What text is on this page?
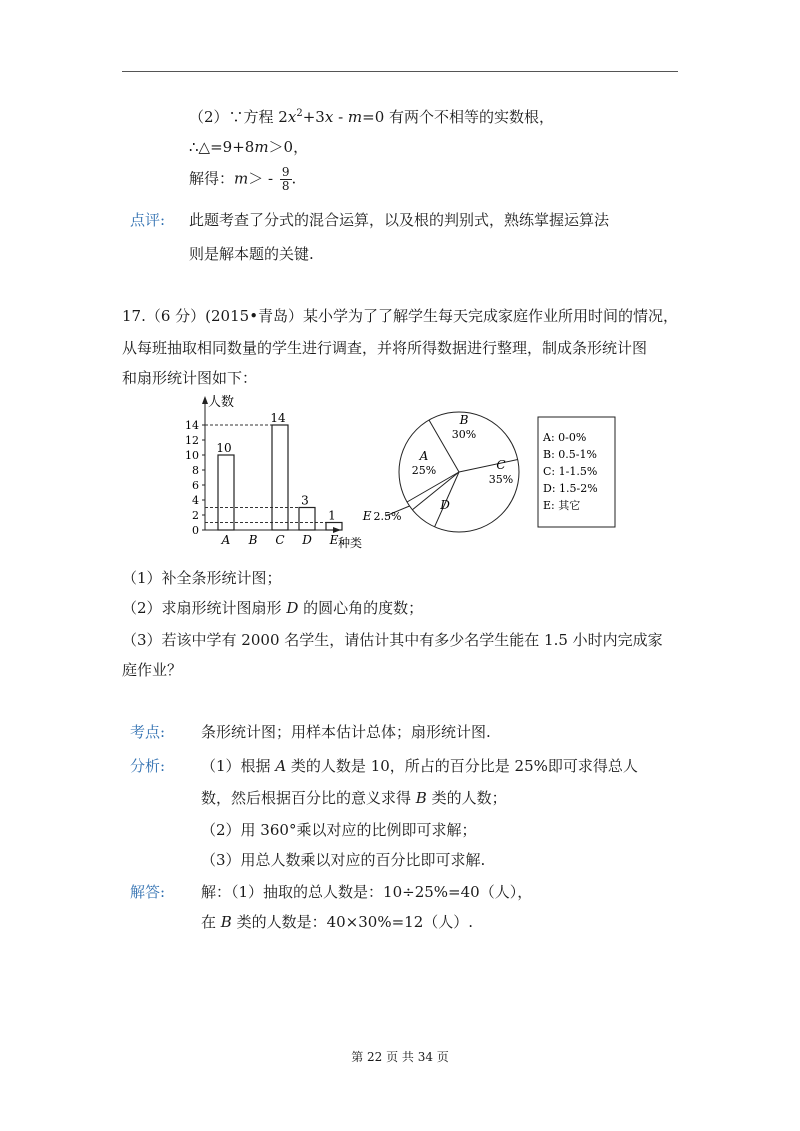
（2）∵方程 $2x^2+3x - m=0$ 有两个不相等的实数根，
∴△=9+8m＞0，
解得：$m> - \frac{9}{8}$ .
点评: 此题考查了分式的混合运算，以及根的判别式，熟练掌握运算法
则是解本题的关键.
17.（6 分）(2015•青岛）某小学为了了解学生每天完成家庭作业所用时间的情况，
从每班抽取相同数量的学生进行调查，并将所得数据进行整理，制成条形统计图
和扇形统计图如下：
人数
种类
0
2
4
6
8
10
12
14
A
10
B C
14
D
3
E
1
A
25%
B
30%
C
35%
D
E 2.5%
A: 0-0%
B: 0.5-1%
C: 1-1.5%
D: 1.5-2%
E: 其它
（1）补全条形统计图；
（2）求扇形统计图扇形 D 的圆心角的度数；
（3）若该中学有 2000 名学生，请估计其中有多少名学生能在 1.5 小时内完成家
庭作业？
考点: 条形统计图；用样本估计总体；扇形统计图.
分析: （1）根据 A 类的人数是 10，所占的百分比是 25%即可求得总人
数，然后根据百分比的意义求得 B 类的人数；
（2）用 360°乘以对应的比例即可求解；
（3）用总人数乘以对应的百分比即可求解.
解答: 解：（1）抽取的总人数是：10÷25%=40（人），
在 B 类的人数是：40×30%=12（人）.
第 22 页 共 34 页
